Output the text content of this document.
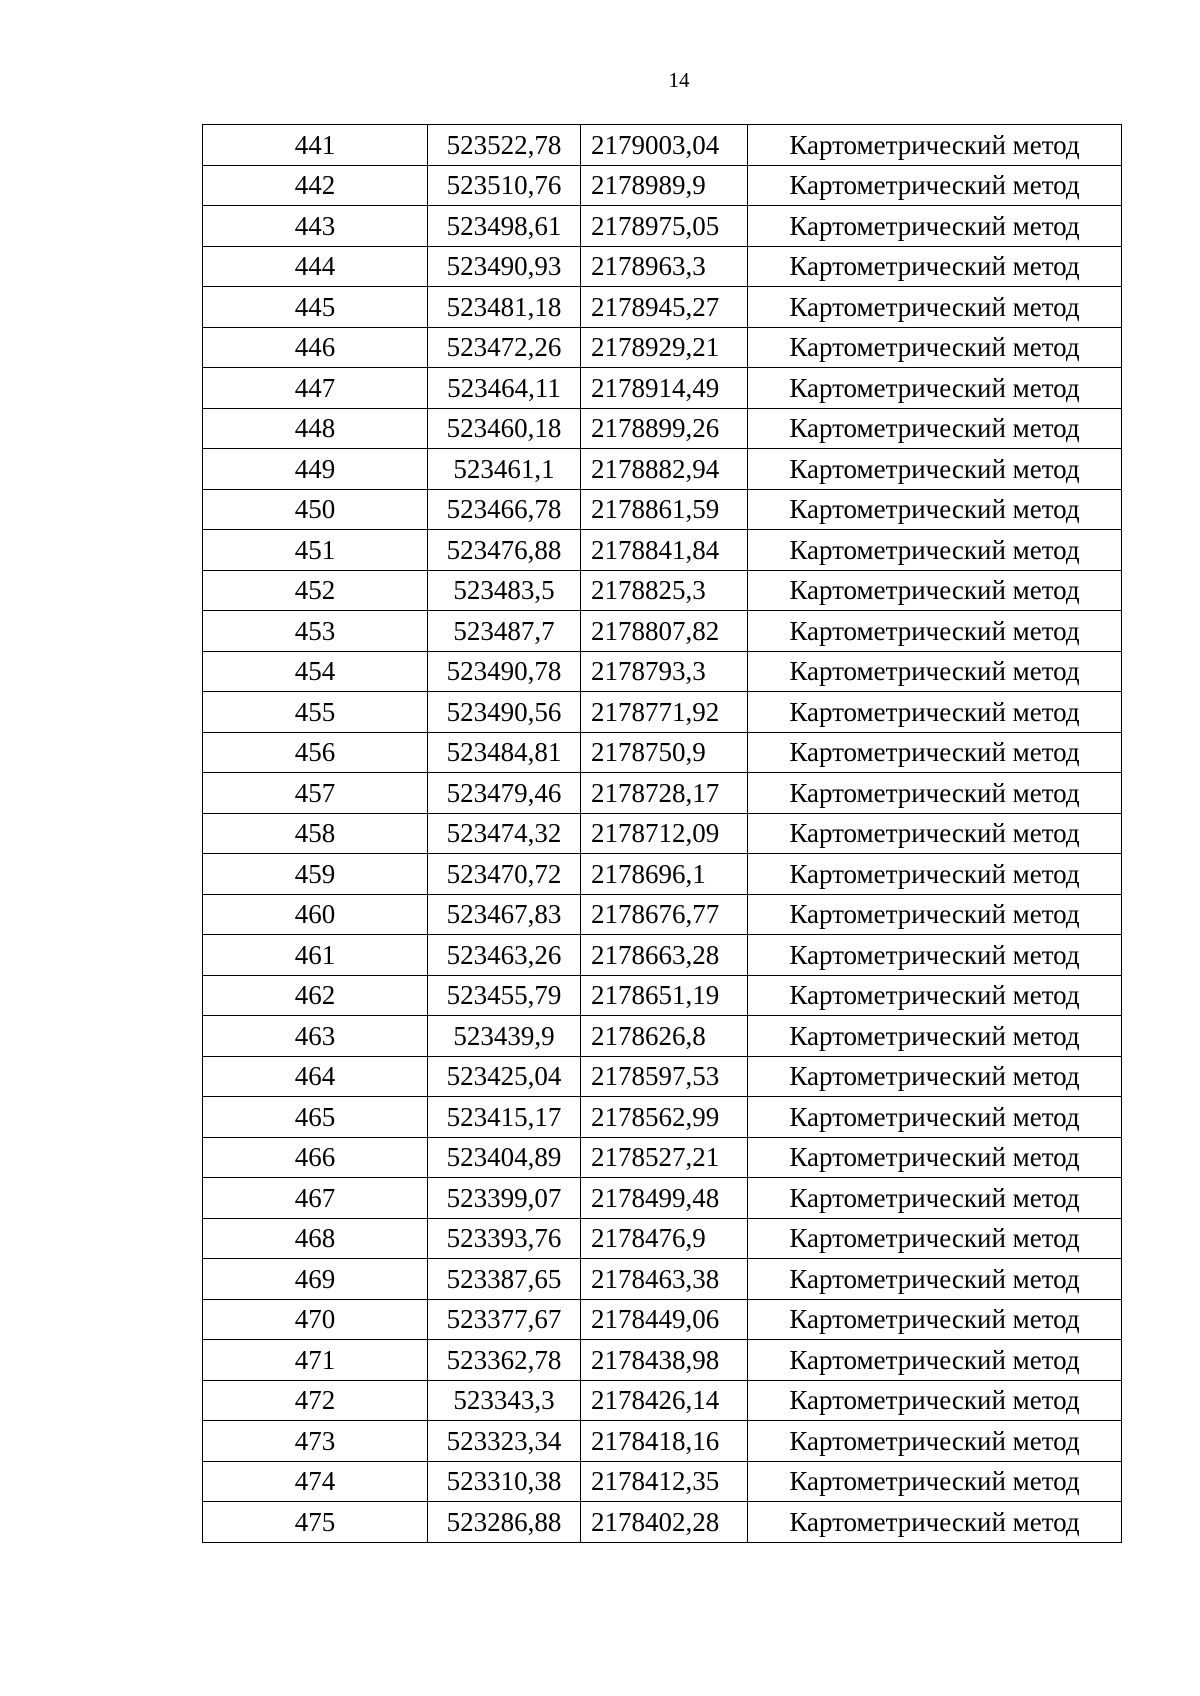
14
441	523522,78	2179003,04	Картометрический метод
442	523510,76	2178989,9	Картометрический метод
443	523498,61	2178975,05	Картометрический метод
444	523490,93	2178963,3	Картометрический метод
445	523481,18	2178945,27	Картометрический метод
446	523472,26	2178929,21	Картометрический метод
447	523464,11	2178914,49	Картометрический метод
448	523460,18	2178899,26	Картометрический метод
449	523461,1	2178882,94	Картометрический метод
450	523466,78	2178861,59	Картометрический метод
451	523476,88	2178841,84	Картометрический метод
452	523483,5	2178825,3	Картометрический метод
453	523487,7	2178807,82	Картометрический метод
454	523490,78	2178793,3	Картометрический метод
455	523490,56	2178771,92	Картометрический метод
456	523484,81	2178750,9	Картометрический метод
457	523479,46	2178728,17	Картометрический метод
458	523474,32	2178712,09	Картометрический метод
459	523470,72	2178696,1	Картометрический метод
460	523467,83	2178676,77	Картометрический метод
461	523463,26	2178663,28	Картометрический метод
462	523455,79	2178651,19	Картометрический метод
463	523439,9	2178626,8	Картометрический метод
464	523425,04	2178597,53	Картометрический метод
465	523415,17	2178562,99	Картометрический метод
466	523404,89	2178527,21	Картометрический метод
467	523399,07	2178499,48	Картометрический метод
468	523393,76	2178476,9	Картометрический метод
469	523387,65	2178463,38	Картометрический метод
470	523377,67	2178449,06	Картометрический метод
471	523362,78	2178438,98	Картометрический метод
472	523343,3	2178426,14	Картометрический метод
473	523323,34	2178418,16	Картометрический метод
474	523310,38	2178412,35	Картометрический метод
475	523286,88	2178402,28	Картометрический метод
